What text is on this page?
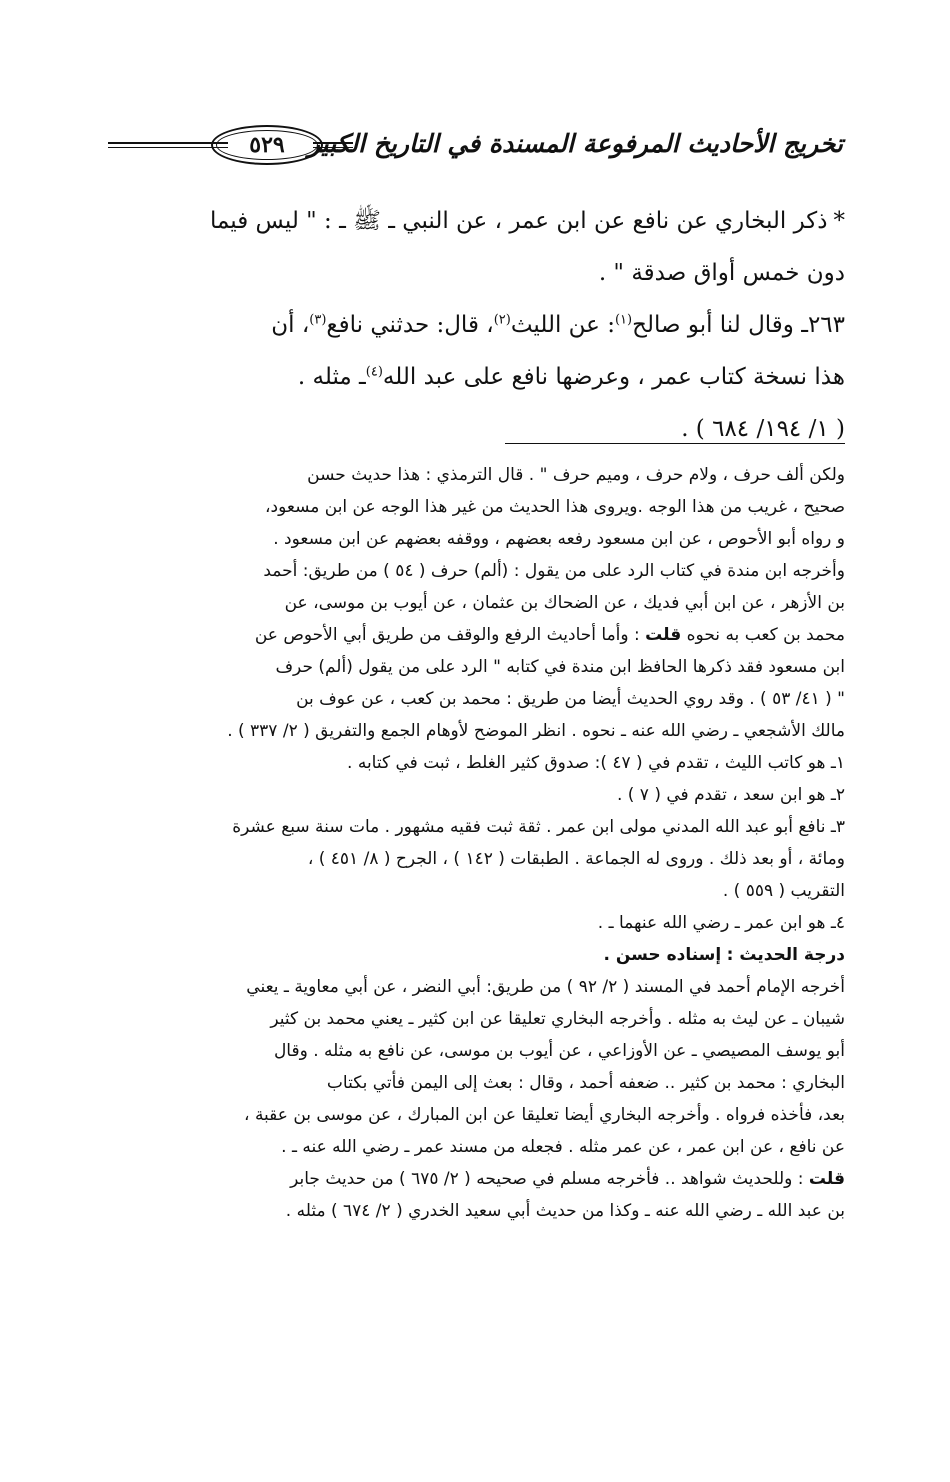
تخريج الأحاديث المرفوعة المسندة في التاريخ الكبير
٥٢٩
*ذكر البخاري عن نافع عن ابن عمر ، عن النبي ـ ﷺ ـ : " ليس فيما
دون خمس أواق صدقة " .
٢٦٣ـ وقال لنا أبو صالح$^{(١)}$: عن الليث$^{(٢)}$، قال: حدثني نافع$^{(٣)}$، أن
هذا نسخة كتاب عمر ، وعرضها نافع على عبد الله$^{(٤)}$ـ مثله .
( ١/ ١٩٤/ ٦٨٤ ) .
ولكن ألف حرف ، ولام حرف ، وميم حرف " . قال الترمذي : هذا حديث حسن
صحيح ، غريب من هذا الوجه .ويروى هذا الحديث من غير هذا الوجه عن ابن مسعود،
و رواه أبو الأحوص ، عن ابن مسعود رفعه بعضهم ، ووقفه بعضهم عن ابن مسعود .
وأخرجه ابن مندة في كتاب الرد على من يقول : (ألم) حرف ( ٥٤ ) من طريق: أحمد
بن الأزهر ، عن ابن أبي فديك ، عن الضحاك بن عثمان ، عن أيوب بن موسى، عن
محمد بن كعب به نحوه قلت : وأما أحاديث الرفع والوقف من طريق أبي الأحوص عن
ابن مسعود فقد ذكرها الحافظ ابن مندة في كتابه " الرد على من يقول (ألم) حرف
" ( ٤١/ ٥٣ ) . وقد روي الحديث أيضا من طريق : محمد بن كعب ، عن عوف بن
مالك الأشجعي ـ رضي الله عنه ـ نحوه . انظر الموضح لأوهام الجمع والتفريق ( ٢/ ٣٣٧ ) .
١ـ هو كاتب الليث ، تقدم في ( ٤٧ ): صدوق كثير الغلط ، ثبت في كتابه .
٢ـ هو ابن سعد ، تقدم في ( ٧ ) .
٣ـ نافع أبو عبد الله المدني مولى ابن عمر . ثقة ثبت فقيه مشهور . مات سنة سبع عشرة
ومائة ، أو بعد ذلك . وروى له الجماعة . الطبقات ( ١٤٢ ) ، الجرح ( ٨/ ٤٥١ ) ،
التقريب ( ٥٥٩ ) .
٤ـ هو ابن عمر ـ رضي الله عنهما ـ .
درجة الحديث : إسناده حسن .
أخرجه الإمام أحمد في المسند ( ٢/ ٩٢ ) من طريق: أبي النضر ، عن أبي معاوية ـ يعني
شيبان ـ عن ليث به مثله . وأخرجه البخاري تعليقا عن ابن كثير ـ يعني محمد بن كثير
أبو يوسف المصيصي ـ عن الأوزاعي ، عن أيوب بن موسى، عن نافع به مثله . وقال
البخاري : محمد بن كثير .. ضعفه أحمد ، وقال : بعث إلى اليمن فأتي بكتاب
بعد، فأخذه فرواه . وأخرجه البخاري أيضا تعليقا عن ابن المبارك ، عن موسى بن عقبة ،
عن نافع ، عن ابن عمر ، عن عمر مثله . فجعله من مسند عمر ـ رضي الله عنه ـ .
قلت : وللحديث شواهد .. فأخرجه مسلم في صحيحه ( ٢/ ٦٧٥ ) من حديث جابر
بن عبد الله ـ رضي الله عنه ـ وكذا من حديث أبي سعيد الخدري ( ٢/ ٦٧٤ ) مثله .
